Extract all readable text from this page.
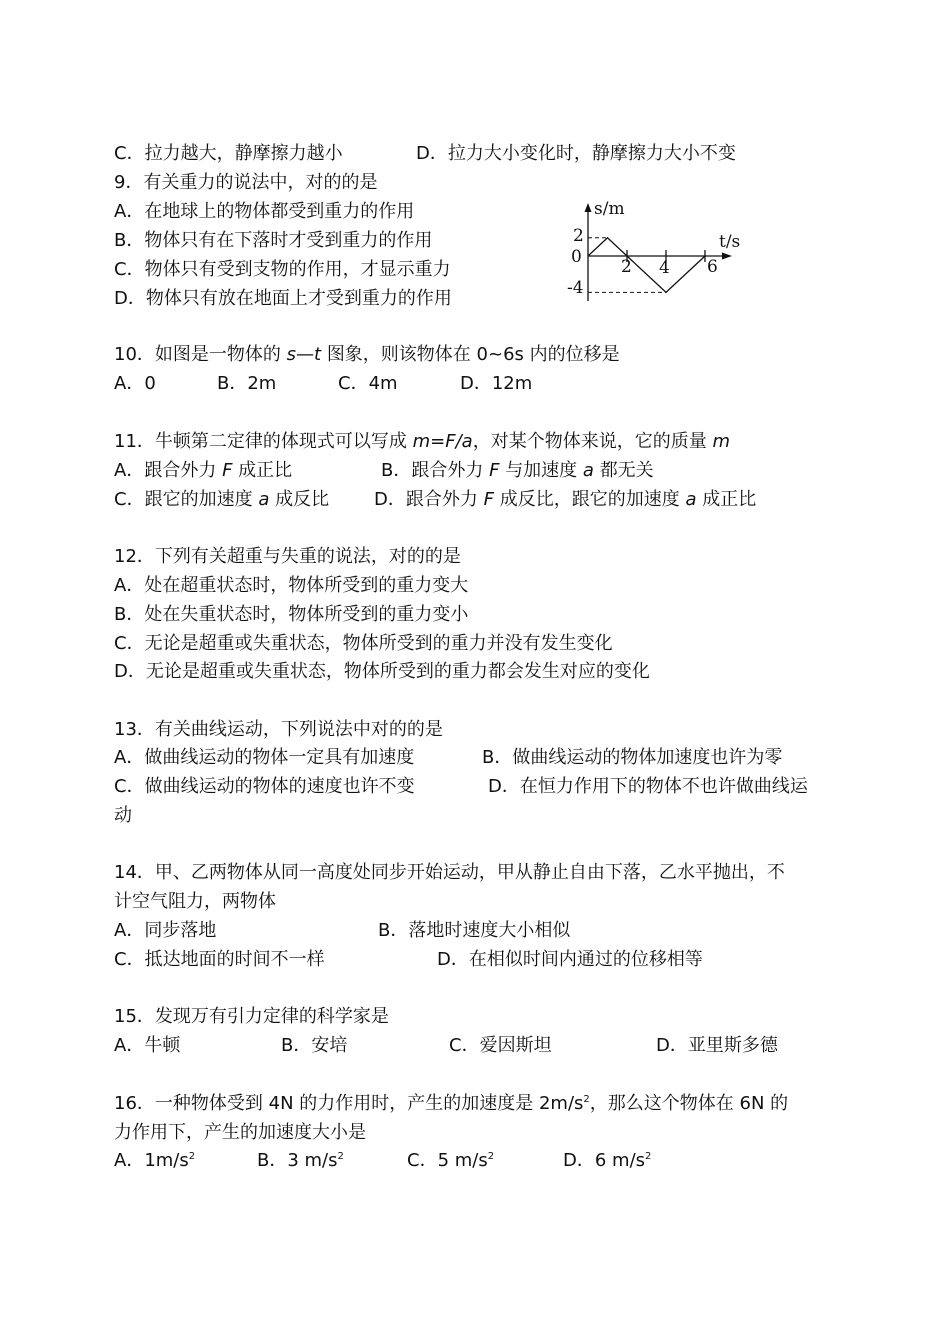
C．拉力越大，静摩擦力越小	D．拉力大小变化时，静摩擦力大小不变
9．有关重力的说法中，对的的是
A．在地球上的物体都受到重力的作用
B．物体只有在下落时才受到重力的作用
C．物体只有受到支物的作用，才显示重力
D．物体只有放在地面上才受到重力的作用
s/m
t/s
2
0
-4
2 4 6
10．如图是一物体的 s—t 图象，则该物体在 0~6s 内的位移是
A．0	B．2m	C．4m	D．12m
11．牛顿第二定律的体现式可以写成 m=F/a，对某个物体来说，它的质量 m
A．跟合外力 F 成正比	B．跟合外力 F 与加速度 a 都无关
C．跟它的加速度 a 成反比 D．跟合外力 F 成反比，跟它的加速度 a 成正比
12．下列有关超重与失重的说法，对的的是
A．处在超重状态时，物体所受到的重力变大
B．处在失重状态时，物体所受到的重力变小
C．无论是超重或失重状态，物体所受到的重力并没有发生变化
D．无论是超重或失重状态，物体所受到的重力都会发生对应的变化
13．有关曲线运动，下列说法中对的的是
A．做曲线运动的物体一定具有加速度	B．做曲线运动的物体加速度也许为零
C．做曲线运动的物体的速度也许不变	D．在恒力作用下的物体不也许做曲线运
动
14．甲、乙两物体从同一高度处同步开始运动，甲从静止自由下落，乙水平抛出，不
计空气阻力，两物体
A．同步落地	B．落地时速度大小相似
C．抵达地面的时间不一样	D．在相似时间内通过的位移相等
15．发现万有引力定律的科学家是
A．牛顿	B．安培	C．爱因斯坦	D．亚里斯多德
16．一种物体受到 4N 的力作用时，产生的加速度是 $2m/s^2$，那么这个物体在 6N 的
力作用下，产生的加速度大小是
A．$1m/s^2$	B．3 $m/s^2$	C．5 $m/s^2$	D．6 $m/s^2$
